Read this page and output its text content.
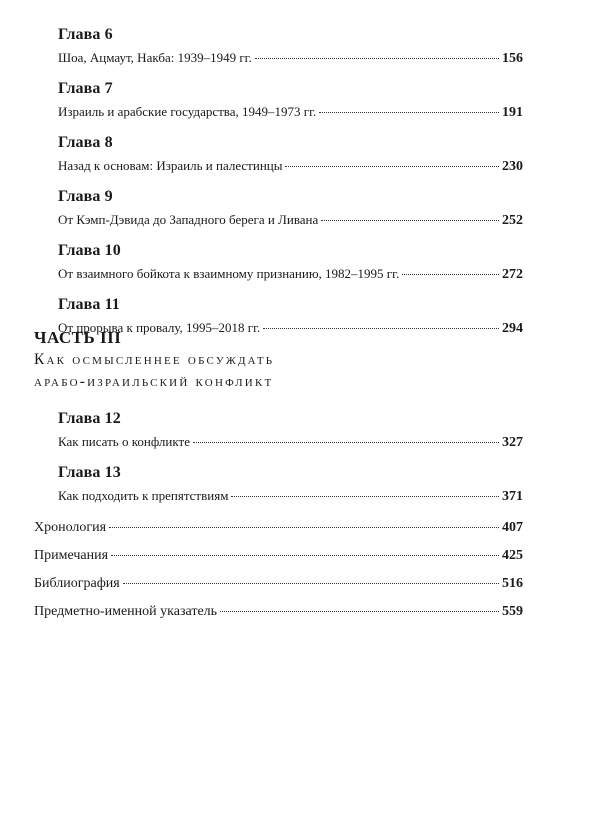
Глава 6
Шоа, Ацмаут, Накба: 1939–1949 гг.	156
Глава 7
Израиль и арабские государства, 1949–1973 гг.	191
Глава 8
Назад к основам: Израиль и палестинцы	230
Глава 9
От Кэмп-Дэвида до Западного берега и Ливана	252
Глава 10
От взаимного бойкота к взаимному признанию, 1982–1995 гг.	272
Глава 11
От прорыва к провалу, 1995–2018 гг.	294
ЧАСТЬ III
Как осмысленнее обсуждать
арабо-израильский конфликт
Глава 12
Как писать о конфликте	327
Глава 13
Как подходить к препятствиям	371
Хронология	407
Примечания	425
Библиография	516
Предметно-именной указатель	559
